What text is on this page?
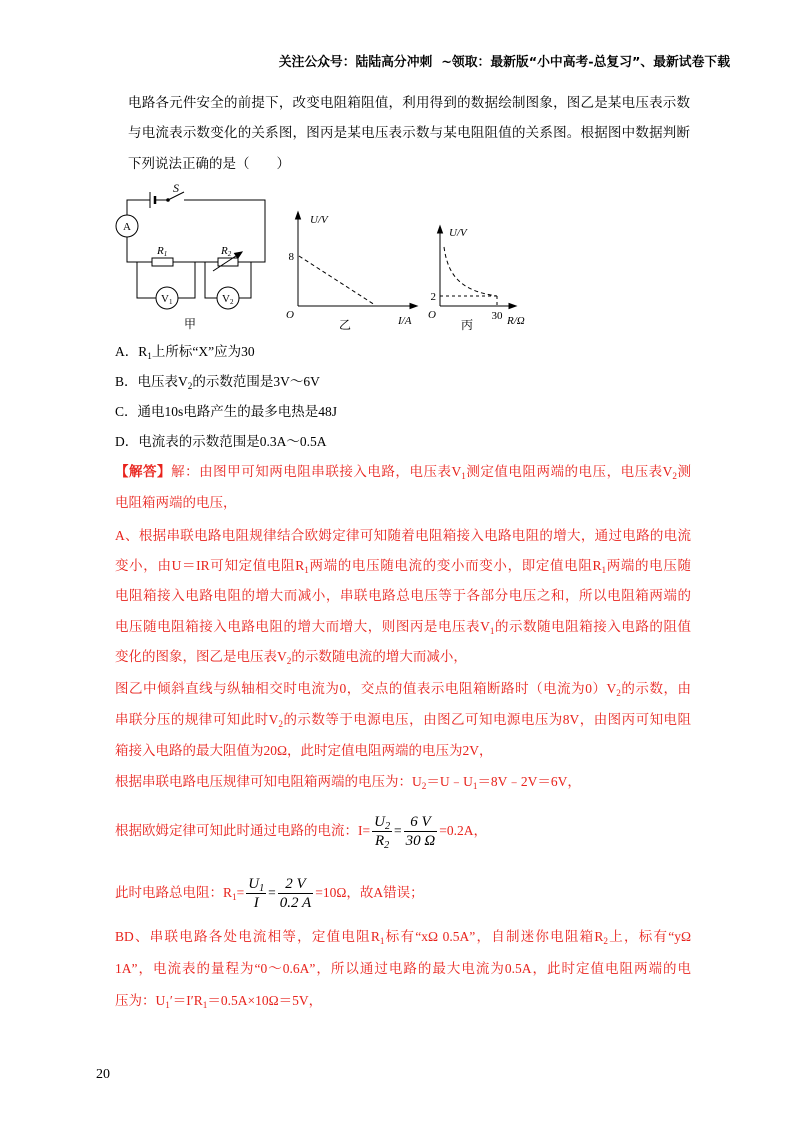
关注公众号：陆陆高分冲刺  ~领取：最新版“小中高考-总复习”、最新试卷下载
电路各元件安全的前提下，改变电阻箱阻值，利用得到的数据绘制图象，图乙是某电压表示数
与电流表示数变化的关系图，图丙是某电压表示数与某电阻阻值的关系图。根据图中数据判断
下列说法正确的是（　　）
S
A
R1	R2
V1	V2
甲
U/V
8
O	I/A
乙
U/V
2
30
O	R/Ω
丙
A．$R_1$上所标“X”应为30
B．电压表$V_2$的示数范围是3V～6V
C．通电10s电路产生的最多电热是48J
D．电流表的示数范围是0.3A～0.5A
【解答】解：由图甲可知两电阻串联接入电路，电压表$V_1$测定值电阻两端的电压，电压表$V_2$测
电阻箱两端的电压，
A、根据串联电路电阻规律结合欧姆定律可知随着电阻箱接入电路电阻的增大，通过电路的电流
变小，由U＝IR可知定值电阻$R_1$两端的电压随电流的变小而变小，即定值电阻$R_1$两端的电压随
电阻箱接入电路电阻的增大而减小，串联电路总电压等于各部分电压之和，所以电阻箱两端的
电压随电阻箱接入电路电阻的增大而增大，则图丙是电压表$V_1$的示数随电阻箱接入电路的阻值
变化的图象，图乙是电压表$V_2$的示数随电流的增大而减小，
图乙中倾斜直线与纵轴相交时电流为0，交点的值表示电阻箱断路时（电流为$0)V_2$的示数，由
串联分压的规律可知此时$V_2$的示数等于电源电压，由图乙可知电源电压为8V，由图丙可知电阻
箱接入电路的最大阻值为20Ω，此时定值电阻两端的电压为2V，
根据串联电路电压规律可知电阻箱两端的电压为：$U_2=U﹣U_1=8V﹣2V=6V$，
根据欧姆定律可知此时通过电路的电流：$I= \frac{U_2}{R_2} = \frac{6 V}{30 \Omega} =0.2A$，
此时电路总电阻：$R_1= \frac{U_1}{I} = \frac{2 V}{0.2 A} =10\Omega$，故A错误；
BD、串联电路各处电流相等，定值电阻$R_1$标有“xΩ 0.5A”，自制迷你电阻箱$R_2$上，标有“yΩ
1A”，电流表的量程为“0～0.6A”，所以通过电路的最大电流为0.5A，此时定值电阻两端的电
压为：$U_1'=I'R_1=0.5A\times 10\Omega=5V$，
20
